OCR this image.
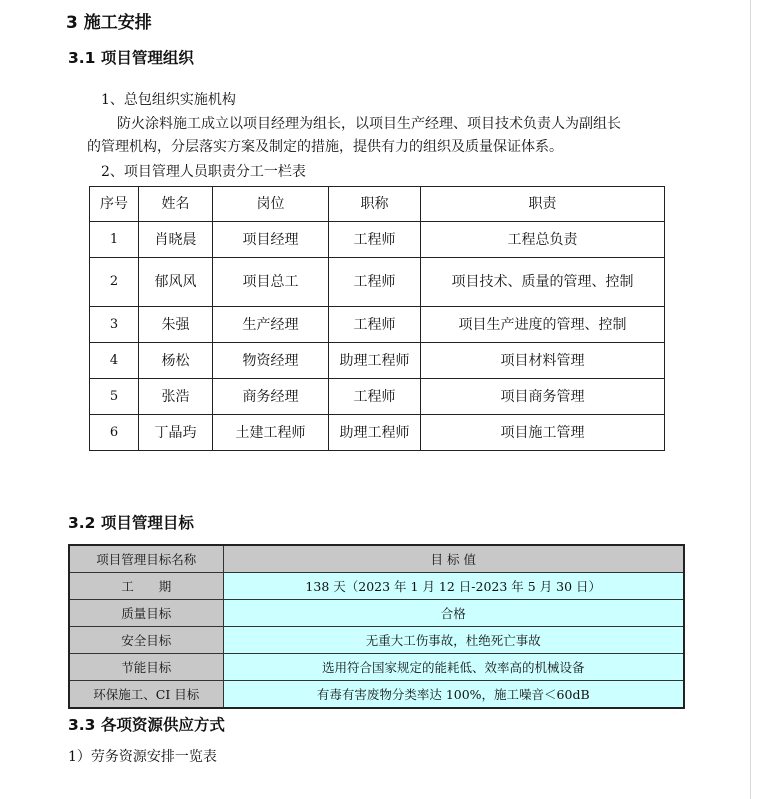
3 施工安排
3.1 项目管理组织
1、总包组织实施机构
防火涂料施工成立以项目经理为组长，以项目生产经理、项目技术负责人为副组长
的管理机构，分层落实方案及制定的措施，提供有力的组织及质量保证体系。
2、项目管理人员职责分工一栏表
序号	姓名	岗位	职称	职责
1	肖晓晨	项目经理	工程师	工程总负责
2	郁风风	项目总工	工程师	项目技术、质量的管理、控制
3	朱强	生产经理	工程师	项目生产进度的管理、控制
4	杨松	物资经理	助理工程师	项目材料管理
5	张浩	商务经理	工程师	项目商务管理
6	丁晶玙	土建工程师	助理工程师	项目施工管理
3.2 项目管理目标
项目管理目标名称	目 标 值
工　　期	138 天（2023 年 1 月 12 日-2023 年 5 月 30 日）
质量目标	合格
安全目标	无重大工伤事故，杜绝死亡事故
节能目标	选用符合国家规定的能耗低、效率高的机械设备
环保施工、CI 目标	有毒有害废物分类率达 100%，施工噪音＜60dB
3.3 各项资源供应方式
1）劳务资源安排一览表
